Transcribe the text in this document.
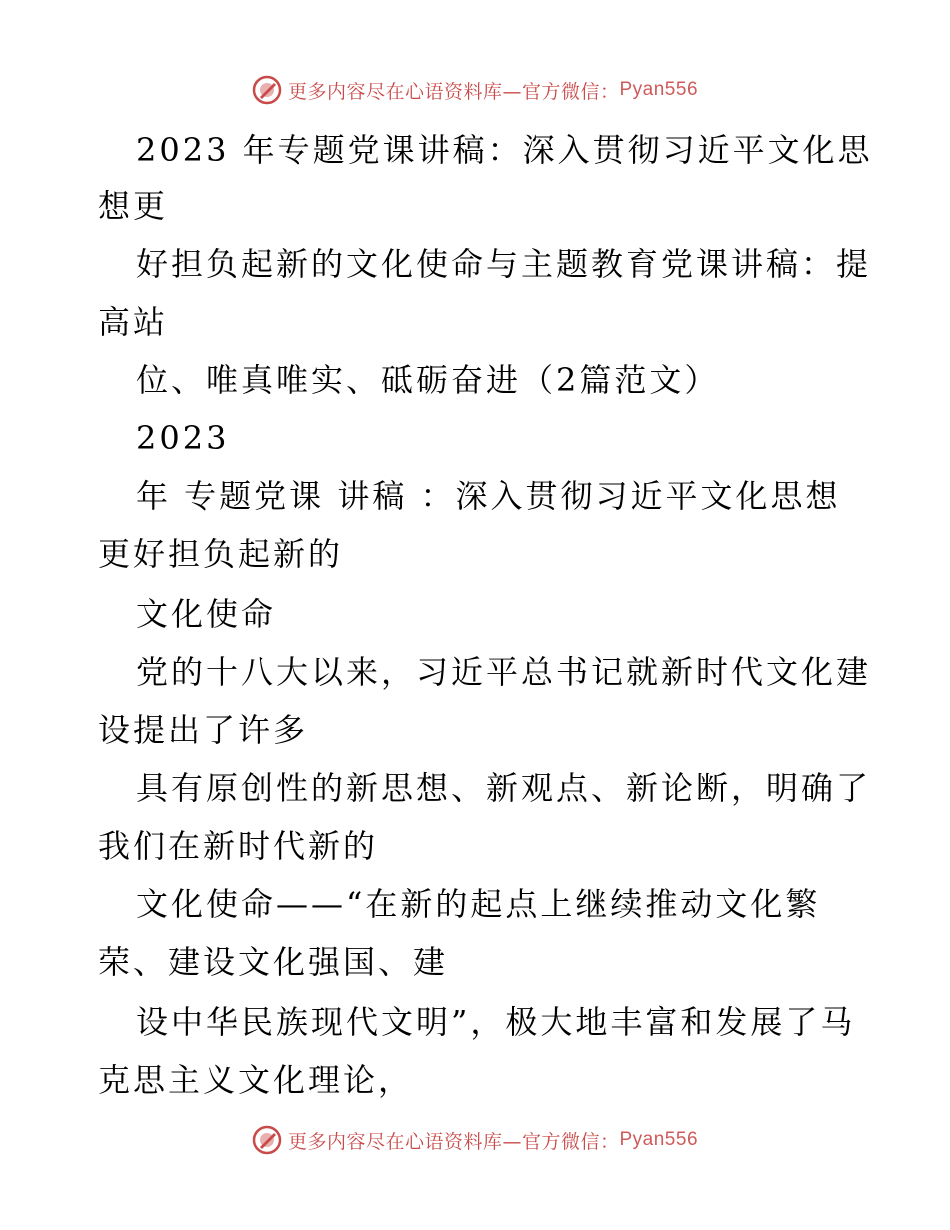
更多内容尽在心语资料库—官方微信： Pyan556
2023 年专题党课讲稿：深入贯彻习近平文化思
想更
好担负起新的文化使命与主题教育党课讲稿：提
高站
位、唯真唯实、砥砺奋进（2篇范文）
2023
年 专题党课 讲稿 ：深入贯彻习近平文化思想
更好担负起新的
文化使命
党的十八大以来，习近平总书记就新时代文化建
设提出了许多
具有原创性的新思想、新观点、新论断，明确了
我们在新时代新的
文化使命——“在新的起点上继续推动文化繁
荣、建设文化强国、建
设中华民族现代文明”，极大地丰富和发展了马
克思主义文化理论，
更多内容尽在心语资料库—官方微信： Pyan556
